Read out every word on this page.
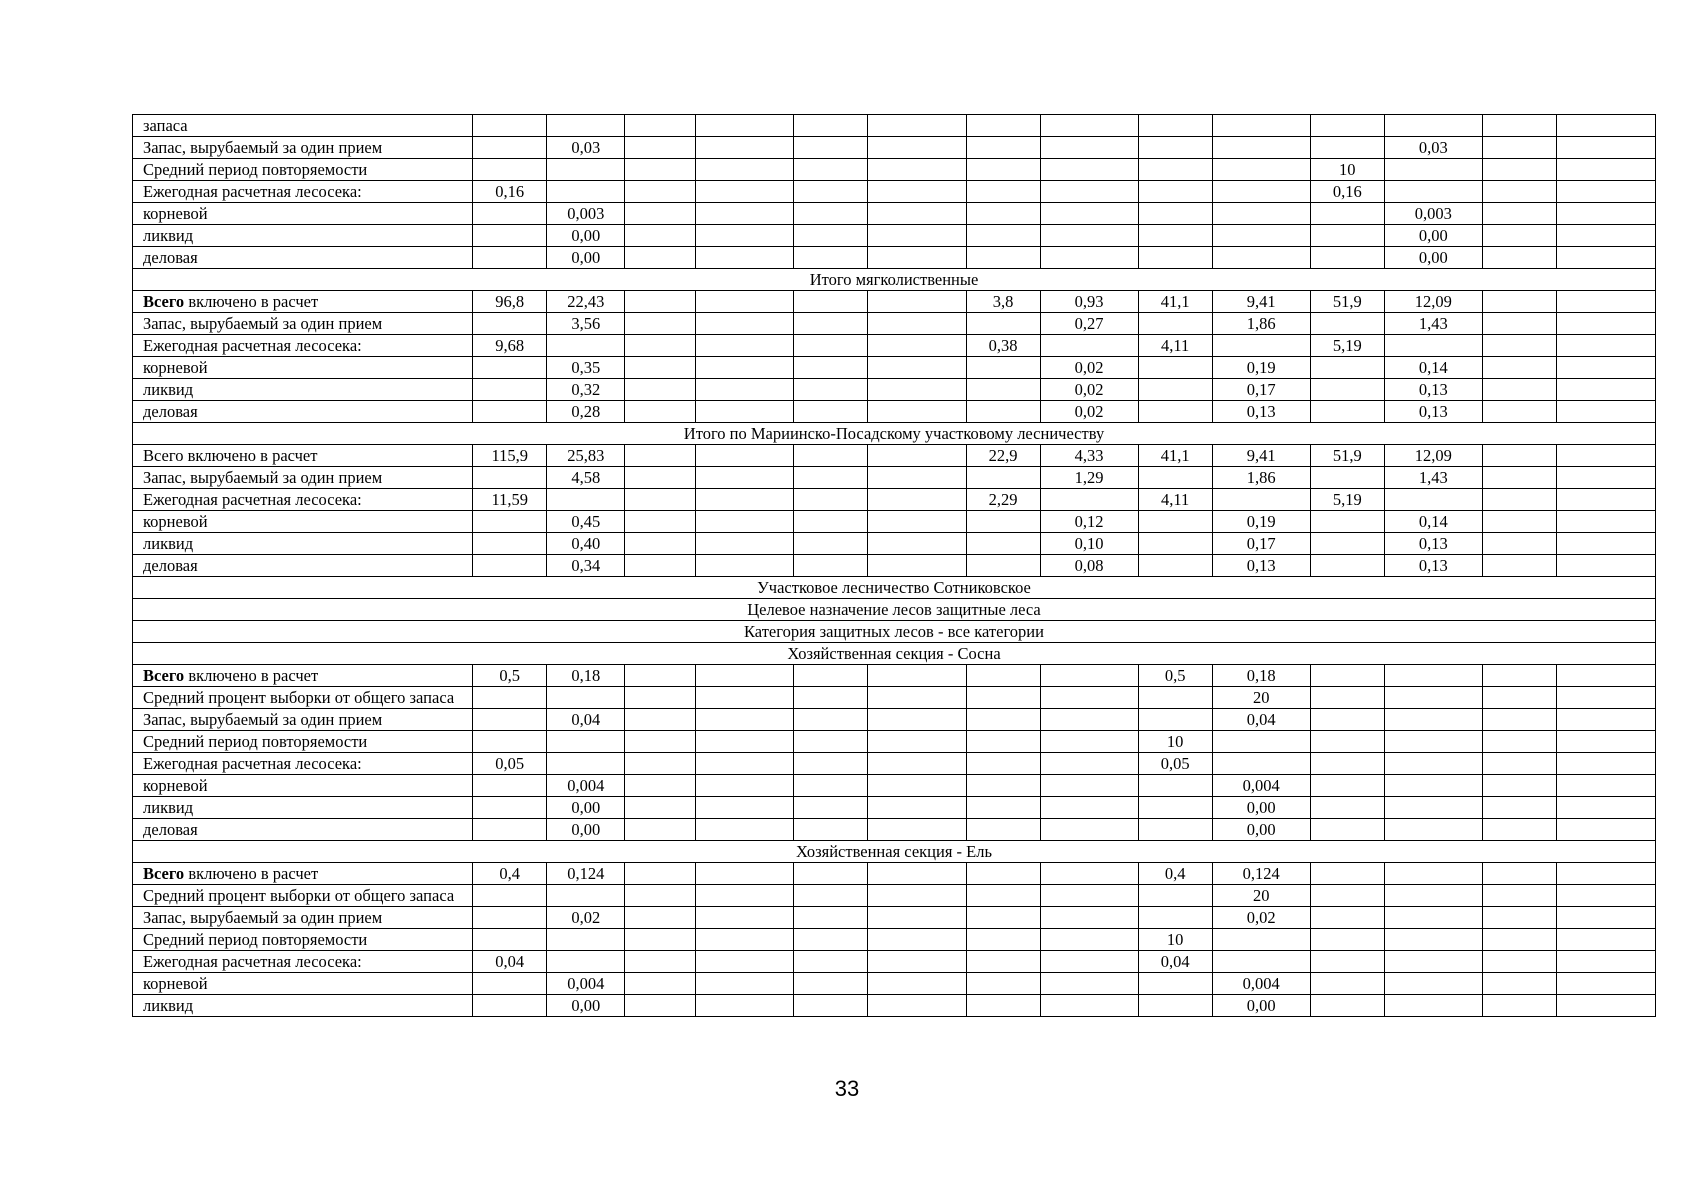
запаса														
Запас, вырубаемый за один прием		0,03										0,03		
Средний период повторяемости											10			
Ежегодная расчетная лесосека:	0,16										0,16			
корневой		0,003										0,003		
ликвид		0,00										0,00		
деловая		0,00										0,00		
Итого мягколиственные														
Всего включено в расчет	96,8	22,43					3,8	0,93	41,1	9,41	51,9	12,09		
Запас, вырубаемый за один прием		3,56						0,27		1,86		1,43		
Ежегодная расчетная лесосека:	9,68						0,38		4,11		5,19			
корневой		0,35						0,02		0,19		0,14		
ликвид		0,32						0,02		0,17		0,13		
деловая		0,28						0,02		0,13		0,13		
Итого по Мариинско-Посадскому участковому лесничеству														
Всего включено в расчет	115,9	25,83					22,9	4,33	41,1	9,41	51,9	12,09		
Запас, вырубаемый за один прием		4,58						1,29		1,86		1,43		
Ежегодная расчетная лесосека:	11,59						2,29		4,11		5,19			
корневой		0,45						0,12		0,19		0,14		
ликвид		0,40						0,10		0,17		0,13		
деловая		0,34						0,08		0,13		0,13		
Участковое лесничество Сотниковское														
Целевое назначение лесов защитные леса														
Категория защитных лесов - все категории														
Хозяйственная секция - Сосна														
Всего включено в расчет	0,5	0,18							0,5	0,18				
Средний процент выборки от общего запаса										20				
Запас, вырубаемый за один прием		0,04								0,04				
Средний период повторяемости									10					
Ежегодная расчетная лесосека:	0,05								0,05					
корневой		0,004								0,004				
ликвид		0,00								0,00				
деловая		0,00								0,00				
Хозяйственная секция - Ель														
Всего включено в расчет	0,4	0,124							0,4	0,124				
Средний процент выборки от общего запаса										20				
Запас, вырубаемый за один прием		0,02								0,02				
Средний период повторяемости									10					
Ежегодная расчетная лесосека:	0,04								0,04					
корневой		0,004								0,004				
ликвид		0,00								0,00				
33
